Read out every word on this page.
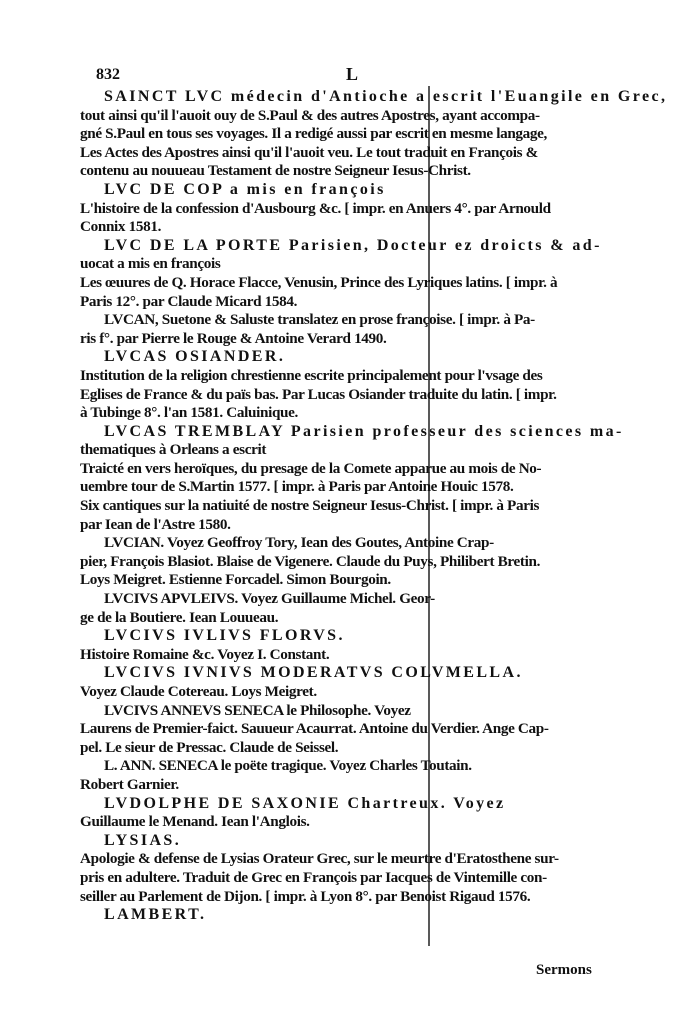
832	L

SAINCT LVC médecin d'Antioche a escrit l'Euangile en Grec,

tout ainsi qu'il l'auoit ouy de S.Paul & des autres Apostres, ayant accompa-

gné S.Paul en tous ses voyages. Il a redigé aussi par escrit en mesme langage,

Les Actes des Apostres ainsi qu'il l'auoit veu. Le tout traduit en François &

contenu au nouueau Testament de nostre Seigneur Iesus-Christ.

LVC DE COP a mis en françois

L'histoire de la confession d'Ausbourg &c. [ impr. en Anuers 4°. par Arnould

Connix 1581.

LVC DE LA PORTE Parisien, Docteur ez droicts & ad-

uocat a mis en françois

Les œuures de Q. Horace Flacce, Venusin, Prince des Lyriques latins. [ impr. à

Paris 12°. par Claude Micard 1584.

LVCAN, Suetone & Saluste translatez en prose françoise. [ impr. à Pa-

ris f°. par Pierre le Rouge & Antoine Verard 1490.

LVCAS OSIANDER.

Institution de la religion chrestienne escrite principalement pour l'vsage des

Eglises de France & du païs bas. Par Lucas Osiander traduite du latin. [ impr.

à Tubinge 8°. l'an 1581. Caluinique.

LVCAS TREMBLAY Parisien professeur des sciences ma-

thematiques à Orleans a escrit

Traicté en vers heroïques, du presage de la Comete apparue au mois de No-

uembre tour de S.Martin 1577. [ impr. à Paris par Antoine Houic 1578.

Six cantiques sur la natiuité de nostre Seigneur Iesus-Christ. [ impr. à Paris

par Iean de l'Astre 1580.

LVCIAN. Voyez Geoffroy Tory, Iean des Goutes, Antoine Crap-

pier, François Blasiot. Blaise de Vigenere. Claude du Puys, Philibert Bretin.

Loys Meigret. Estienne Forcadel. Simon Bourgoin.

LVCIVS APVLEIVS. Voyez Guillaume Michel. Geor-

ge de la Boutiere. Iean Louueau.

LVCIVS IVLIVS FLORVS.

Histoire Romaine &c. Voyez I. Constant.

LVCIVS IVNIVS MODERATVS COLVMELLA.

Voyez Claude Cotereau. Loys Meigret.

LVCIVS ANNEVS SENECA le Philosophe. Voyez

Laurens de Premier-faict. Sauueur Acaurrat. Antoine du Verdier. Ange Cap-

pel. Le sieur de Pressac. Claude de Seissel.

L. ANN. SENECA le poëte tragique. Voyez Charles Toutain.

Robert Garnier.

LVDOLPHE DE SAXONIE Chartreux. Voyez

Guillaume le Menand. Iean l'Anglois.

LYSIAS.

Apologie & defense de Lysias Orateur Grec, sur le meurtre d'Eratosthene sur-

pris en adultere. Traduit de Grec en François par Iacques de Vintemille con-

seiller au Parlement de Dijon. [ impr. à Lyon 8°. par Benoist Rigaud 1576.

LAMBERT.

Sermons
